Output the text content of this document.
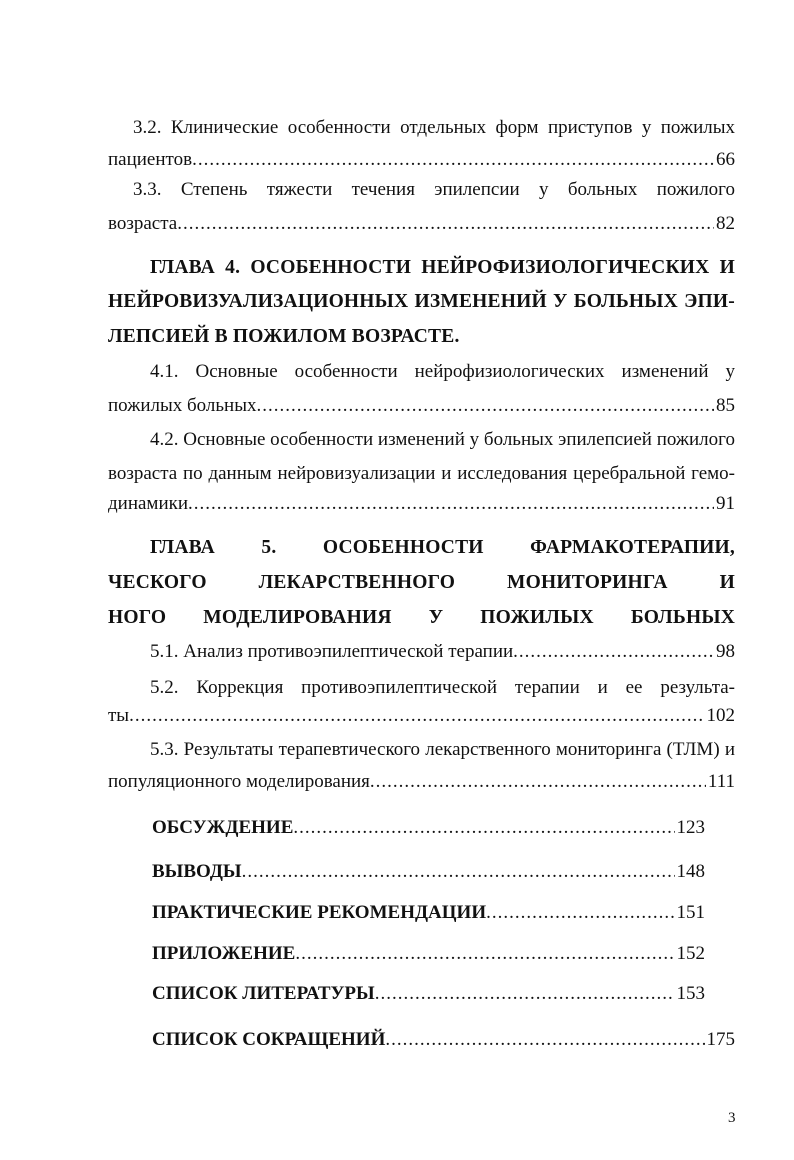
3.2. Клинические особенности отдельных форм приступов у пожилых
пациентов .....	66
3.3. Степень тяжести течения эпилепсии у больных пожилого
возраста .....	82
ГЛАВА 4. ОСОБЕННОСТИ НЕЙРОФИЗИОЛОГИЧЕСКИХ И
НЕЙРОВИЗУАЛИЗАЦИОННЫХ ИЗМЕНЕНИЙ У БОЛЬНЫХ ЭПИ-
ЛЕПСИЕЙ В ПОЖИЛОМ ВОЗРАСТЕ.
4.1. Основные особенности нейрофизиологических изменений у
пожилых больных .....	85
4.2. Основные особенности изменений у больных эпилепсией пожилого
возраста по данным нейровизуализации и исследования церебральной гемо-
динамики .....	91
ГЛАВА 5. ОСОБЕННОСТИ ФАРМАКОТЕРАПИИ,
ЧЕСКОГО ЛЕКАРСТВЕННОГО МОНИТОРИНГА И
НОГО МОДЕЛИРОВАНИЯ У ПОЖИЛЫХ БОЛЬНЫХ
5.1. Анализ противоэпилептической терапии .....	98
5.2. Коррекция противоэпилептической терапии и ее результа-
ты .....	102
5.3. Результаты терапевтического лекарственного мониторинга (ТЛМ) и
популяционного моделирования .....	111
ОБСУЖДЕНИЕ .....	123
ВЫВОДЫ .....	148
ПРАКТИЧЕСКИЕ РЕКОМЕНДАЦИИ .....	151
ПРИЛОЖЕНИЕ .....	152
СПИСОК ЛИТЕРАТУРЫ .....	153
СПИСОК СОКРАЩЕНИЙ .....	175
3
